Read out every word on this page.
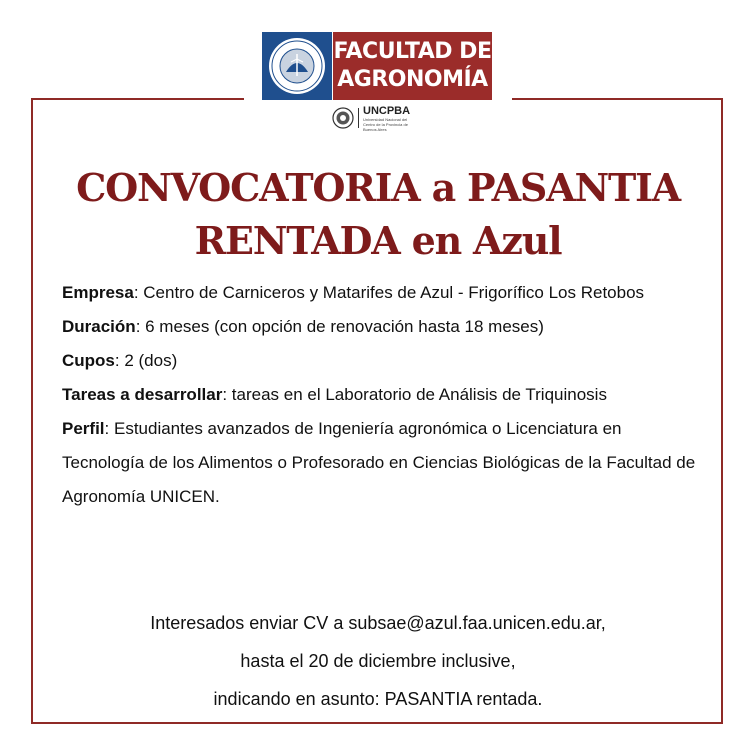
FACULTAD DE
AGRONOMÍA
UNCPBA
Universidad Nacional del Centro de la Provincia de Buenos Aires
CONVOCATORIA a PASANTIA
RENTADA en Azul

Empresa: Centro de Carniceros y Matarifes de Azul - Frigorífico Los Retobos

Duración: 6 meses (con opción de renovación hasta 18 meses)

Cupos: 2 (dos)

Tareas a desarrollar: tareas en el Laboratorio de Análisis de Triquinosis

Perfil: Estudiantes avanzados de Ingeniería agronómica o Licenciatura en Tecnología de los Alimentos o Profesorado en Ciencias Biológicas de la Facultad de Agronomía UNICEN.

Interesados enviar CV a subsae@azul.faa.unicen.edu.ar,

hasta el 20 de diciembre inclusive,

indicando en asunto: PASANTIA rentada.
